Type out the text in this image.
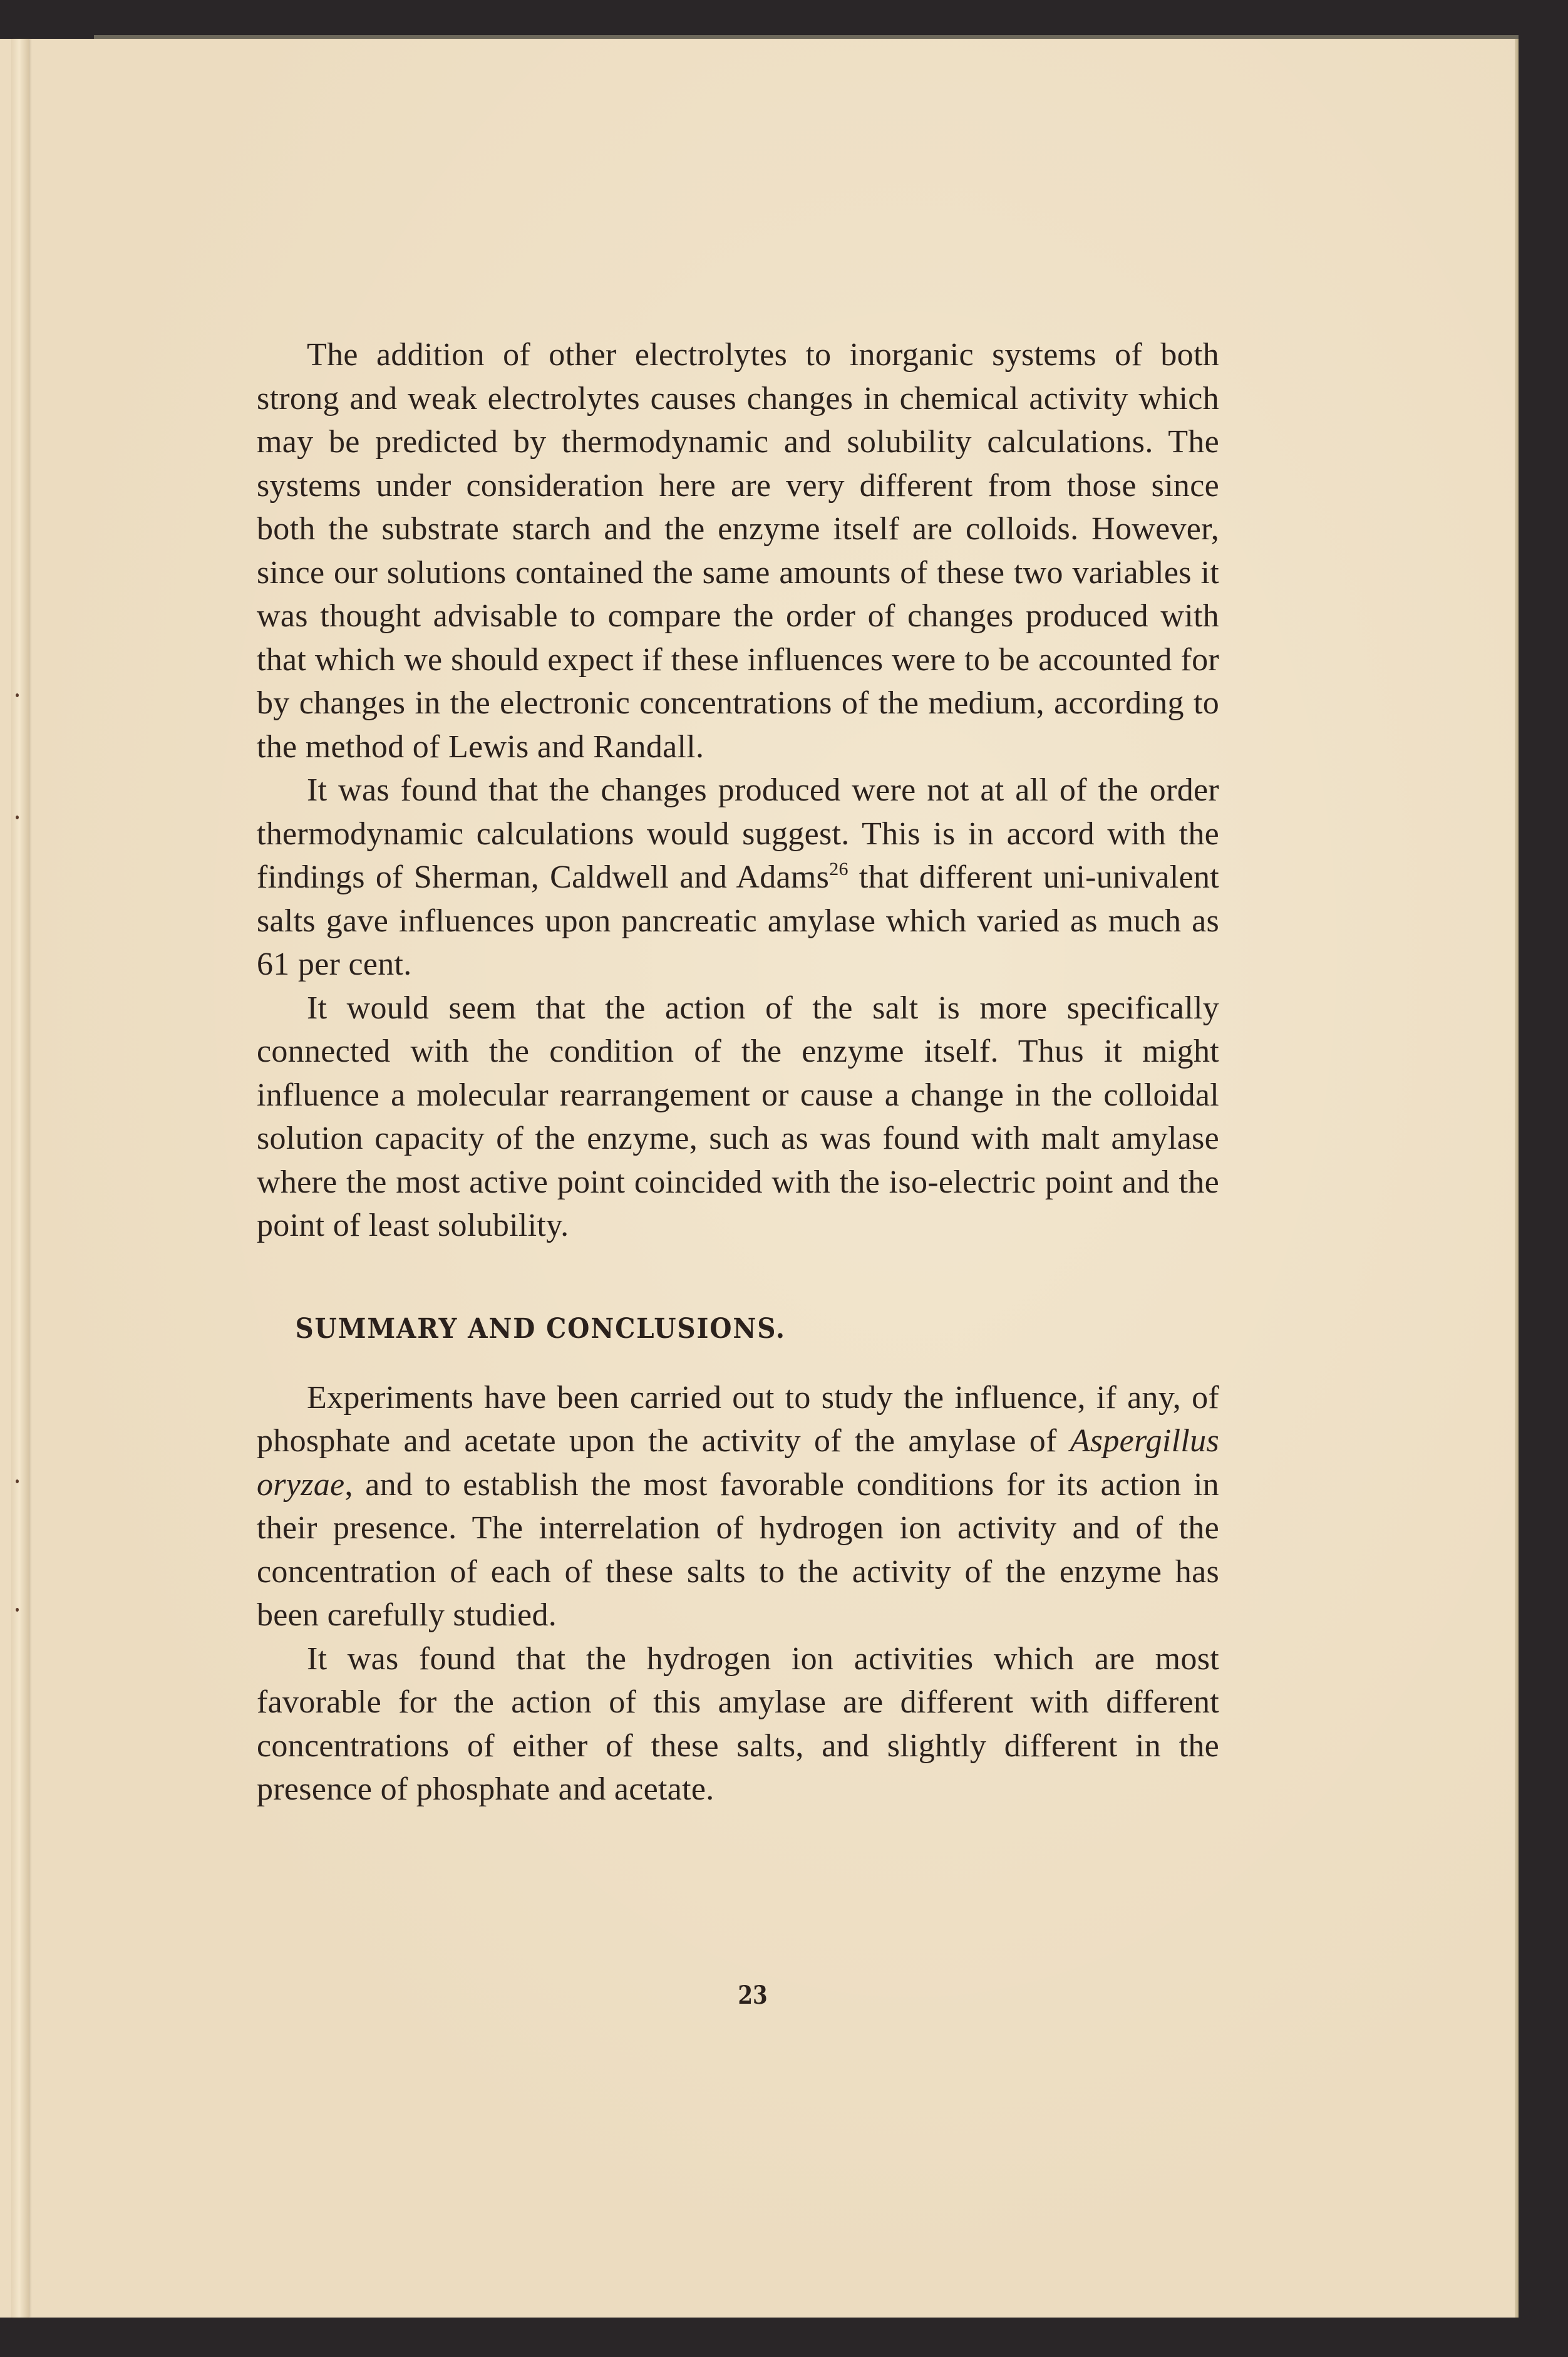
The addition of other electrolytes to inorganic systems of both strong and weak electrolytes causes changes in chemical activity which may be predicted by thermodynamic and solubility calculations. The systems under consideration here are very different from those since both the substrate starch and the enzyme itself are colloids. However, since our solutions contained the same amounts of these two variables it was thought advisable to compare the order of changes produced with that which we should expect if these influences were to be accounted for by changes in the electronic concentrations of the medium, according to the method of Lewis and Randall.

It was found that the changes produced were not at all of the order thermodynamic calculations would suggest. This is in accord with the findings of Sherman, Caldwell and Adams$^{26}$ that different uni-univalent salts gave influences upon pancreatic amylase which varied as much as 61 per cent.

It would seem that the action of the salt is more specifically connected with the condition of the enzyme itself. Thus it might influence a molecular rearrangement or cause a change in the colloidal solution capacity of the enzyme, such as was found with malt amylase where the most active point coincided with the iso-electric point and the point of least solubility.

SUMMARY AND CONCLUSIONS.

Experiments have been carried out to study the influence, if any, of phosphate and acetate upon the activity of the amylase of Aspergillus oryzae, and to establish the most favorable conditions for its action in their presence. The interrelation of hydrogen ion activity and of the concentration of each of these salts to the activity of the enzyme has been carefully studied.

It was found that the hydrogen ion activities which are most favorable for the action of this amylase are different with different concentrations of either of these salts, and slightly different in the presence of phosphate and acetate.

23
